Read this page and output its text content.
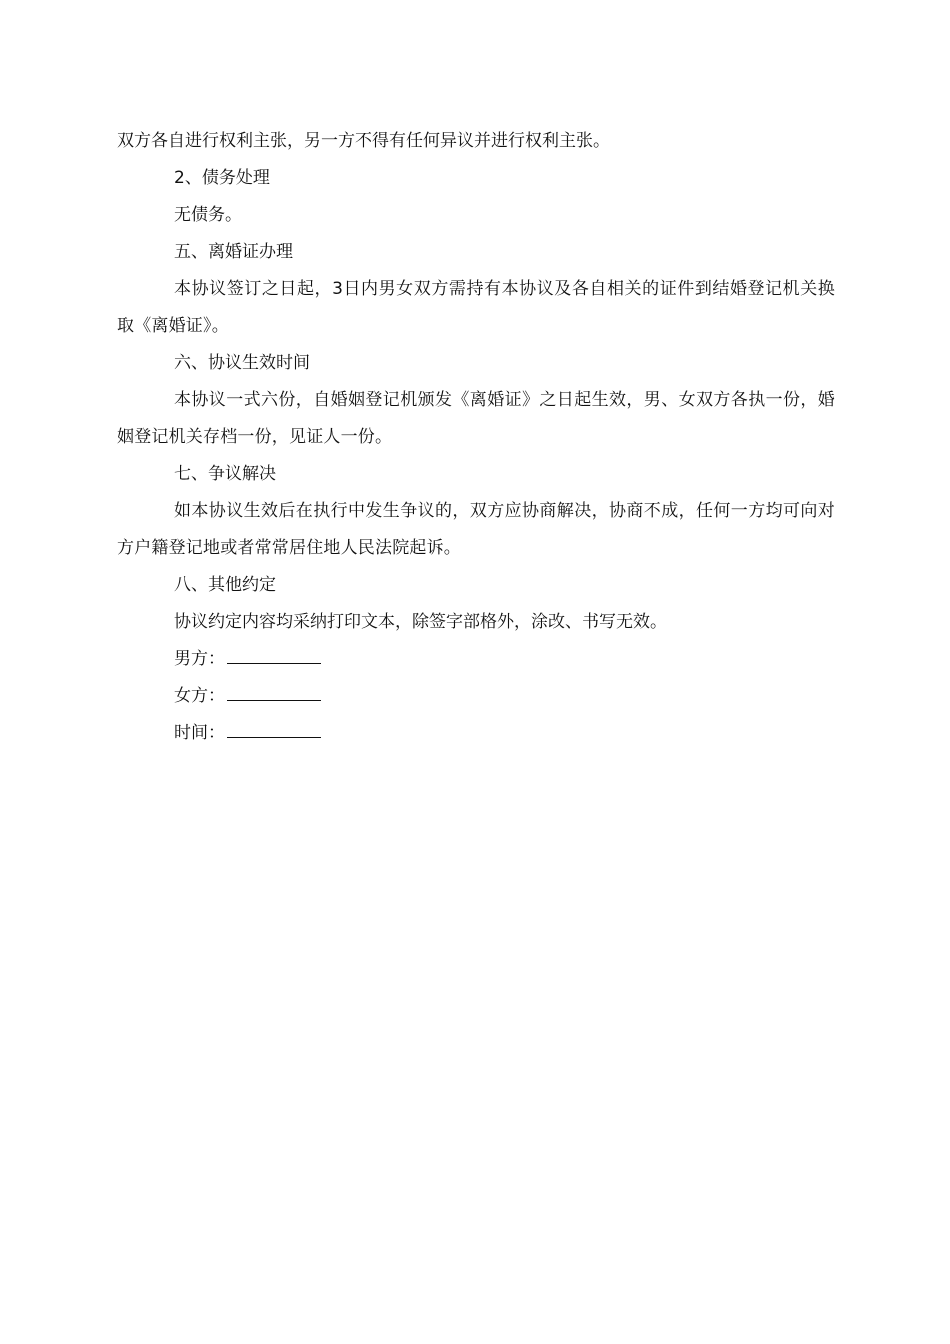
双方各自进行权利主张，另一方不得有任何异议并进行权利主张。
2、债务处理
无债务。
五、离婚证办理
本协议签订之日起，3日内男女双方需持有本协议及各自相关的证件到结婚登记机关换取《离婚证》。
六、协议生效时间
本协议一式六份，自婚姻登记机颁发《离婚证》之日起生效，男、女双方各执一份，婚姻登记机关存档一份，见证人一份。
七、争议解决
如本协议生效后在执行中发生争议的，双方应协商解决，协商不成，任何一方均可向对方户籍登记地或者常常居住地人民法院起诉。
八、其他约定
协议约定内容均采纳打印文本，除签字部格外，涂改、书写无效。
男方：
女方：
时间：
